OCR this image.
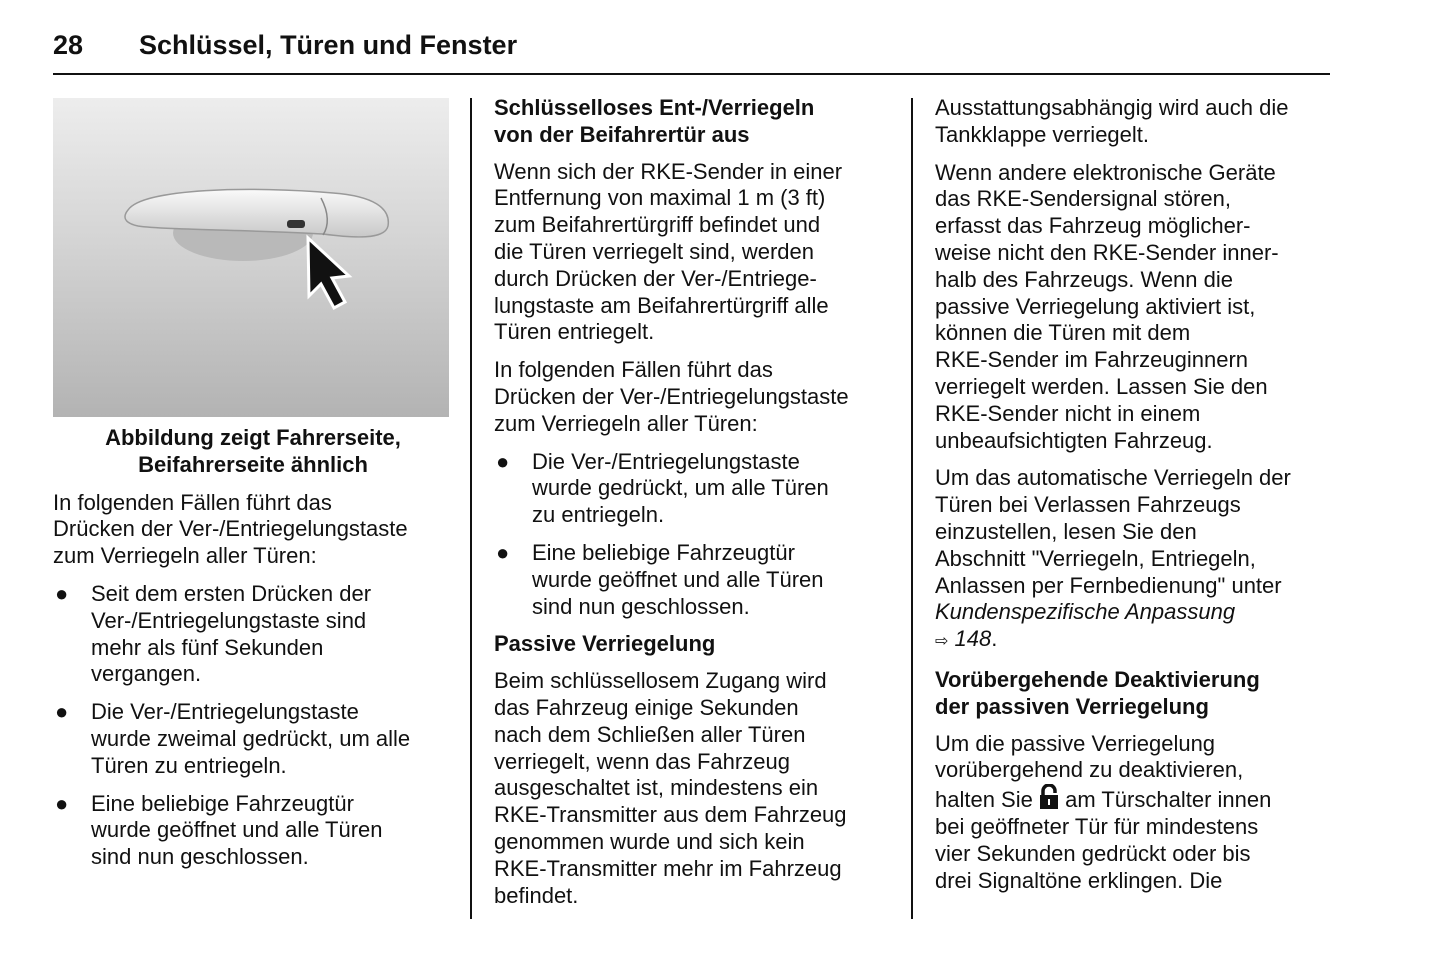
28 Schlüssel, Türen und Fenster
Abbildung zeigt Fahrerseite,
Beifahrerseite ähnlich

In folgenden Fällen führt das
Drücken der Ver-/Entriegelungstaste
zum Verriegeln aller Türen:

● Seit dem ersten Drücken der
Ver-/Entriegelungstaste sind
mehr als fünf Sekunden
vergangen.
● Die Ver-/Entriegelungstaste
wurde zweimal gedrückt, um alle
Türen zu entriegeln.
● Eine beliebige Fahrzeugtür
wurde geöffnet und alle Türen
sind nun geschlossen.
Schlüsselloses Ent-/Verriegeln
von der Beifahrertür aus

Wenn sich der RKE-Sender in einer
Entfernung von maximal 1 m (3 ft)
zum Beifahrertürgriff befindet und
die Türen verriegelt sind, werden
durch Drücken der Ver-/Entriege-
lungstaste am Beifahrertürgriff alle
Türen entriegelt.

In folgenden Fällen führt das
Drücken der Ver-/Entriegelungstaste
zum Verriegeln aller Türen:

● Die Ver-/Entriegelungstaste
wurde gedrückt, um alle Türen
zu entriegeln.
● Eine beliebige Fahrzeugtür
wurde geöffnet und alle Türen
sind nun geschlossen.
Passive Verriegelung

Beim schlüssellosem Zugang wird
das Fahrzeug einige Sekunden
nach dem Schließen aller Türen
verriegelt, wenn das Fahrzeug
ausgeschaltet ist, mindestens ein
RKE-Transmitter aus dem Fahrzeug
genommen wurde und sich kein
RKE-Transmitter mehr im Fahrzeug
befindet.

Ausstattungsabhängig wird auch die
Tankklappe verriegelt.

Wenn andere elektronische Geräte
das RKE-Sendersignal stören,
erfasst das Fahrzeug möglicher-
weise nicht den RKE-Sender inner-
halb des Fahrzeugs. Wenn die
passive Verriegelung aktiviert ist,
können die Türen mit dem
RKE-Sender im Fahrzeuginnern
verriegelt werden. Lassen Sie den
RKE-Sender nicht in einem
unbeaufsichtigten Fahrzeug.

Um das automatische Verriegeln der
Türen bei Verlassen Fahrzeugs
einzustellen, lesen Sie den
Abschnitt "Verriegeln, Entriegeln,
Anlassen per Fernbedienung" unter
Kundenspezifische Anpassung
⇨ 148.

Vorübergehende Deaktivierung
der passiven Verriegelung

Um die passive Verriegelung
vorübergehend zu deaktivieren,
halten Sie  am Türschalter innen
bei geöffneter Tür für mindestens
vier Sekunden gedrückt oder bis
drei Signaltöne erklingen. Die
